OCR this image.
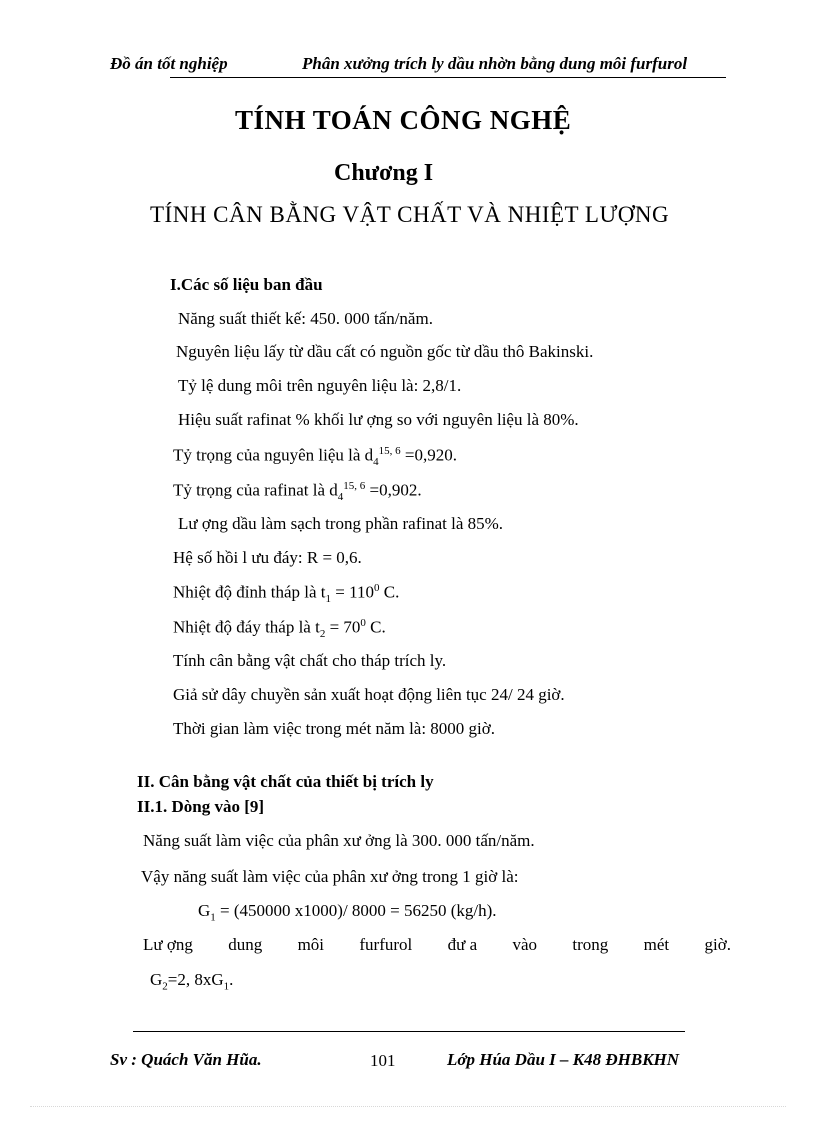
Đồ án tốt nghiệp	Phân xưởng trích ly dầu nhờn bằng dung môi furfurol
TÍNH TOÁN CÔNG NGHỆ
Chương I
TÍNH CÂN BẰNG VẬT CHẤT VÀ NHIỆT LƯỢNG
I.Các số liệu ban đầu
Năng suất thiết kế: 450. 000 tấn/năm.
Nguyên liệu lấy từ dầu cất có nguồn gốc từ dầu thô Bakinski.
Tỷ lệ dung môi trên nguyên liệu là: 2,8/1.
Hiệu suất rafinat % khối lư ợng so với nguyên liệu là 80%.
Tỷ trọng của nguyên liệu là $d_4^{15, 6} =0,920$.
Tỷ trọng của rafinat là $d_4^{15, 6} =0,902$.
Lư ợng dầu làm sạch trong phần rafinat là 85%.
Hệ số hồi l ưu đáy: R = 0,6.
Nhiệt độ đỉnh tháp là $t_1 = 110^0$ C.
Nhiệt độ đáy tháp là $t_2 = 70^0$ C.
Tính cân bằng vật chất cho tháp trích ly.
Giả sử dây chuyền sản xuất hoạt động liên tục 24/ 24 giờ.
Thời gian làm việc trong mét năm là: 8000 giờ.
II. Cân bằng vật chất của thiết bị trích ly
II.1. Dòng vào [9]
Năng suất làm việc của phân xư ởng là 300. 000 tấn/năm.
Vậy năng suất làm việc của phân xư ởng trong 1 giờ là:
$G_1 = (450000$ x1000)/ 8000 = 56250 (kg/h).
Lư ợng dung môi furfurol đư a vào trong mét giờ.
$G_2=2$, $8xG_1$.
Sv : Quách Văn Hũa.	101	Lớp Húa Dầu I – K48 ĐHBKHN
